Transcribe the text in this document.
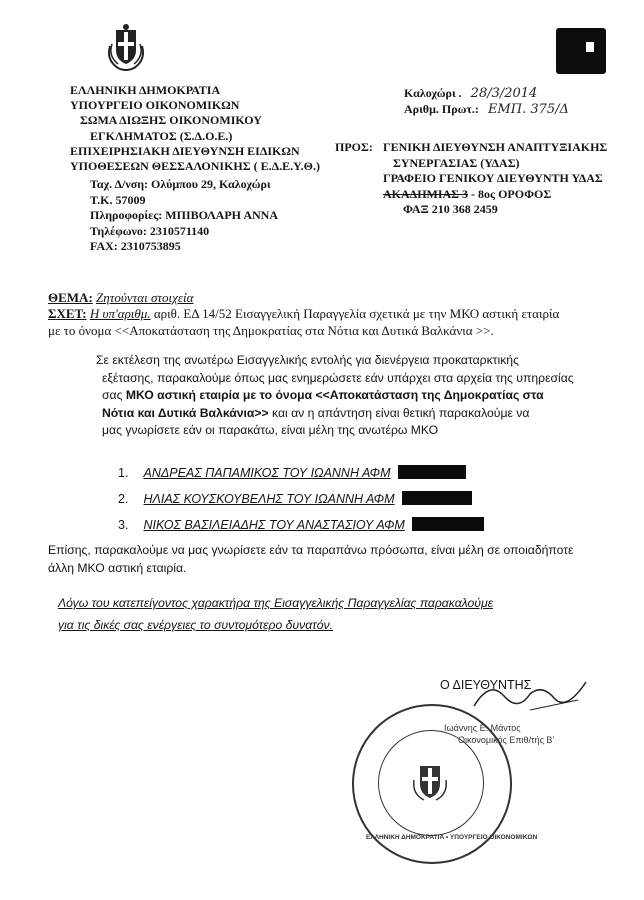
ΕΛΛΗΝΙΚΗ ΔΗΜΟΚΡΑΤΙΑ
ΥΠΟΥΡΓΕΙΟ ΟΙΚΟΝΟΜΙΚΩΝ
ΣΩΜΑ ΔΙΩΞΗΣ ΟΙΚΟΝΟΜΙΚΟΥ
ΕΓΚΛΗΜΑΤΟΣ (Σ.Δ.Ο.Ε.)
ΕΠΙΧΕΙΡΗΣΙΑΚΗ ΔΙΕΥΘΥΝΣΗ ΕΙΔΙΚΩΝ
ΥΠΟΘΕΣΕΩΝ ΘΕΣΣΑΛΟΝΙΚΗΣ ( Ε.Δ.Ε.Υ.Θ.)
Ταχ. Δ/νση: Ολύμπου 29, Καλοχώρι
Τ.Κ. 57009
Πληροφορίες: ΜΠΙΒΟΛΑΡΗ ΑΝΝΑ
Τηλέφωνο: 2310571140
FAX: 2310753895
Καλοχώρι . 28/3/2014
Αριθμ. Πρωτ.: ΕΜΠ. 375/Δ
ΠΡΟΣ: ΓΕΝΙΚΗ ΔΙΕΥΘΥΝΣΗ ΑΝΑΠΤΥΞΙΑΚΗΣ
ΣΥΝΕΡΓΑΣΙΑΣ (ΥΔΑΣ)
ΓΡΑΦΕΙΟ ΓΕΝΙΚΟΥ ΔΙΕΥΘΥΝΤΗ ΥΔΑΣ
ΑΚΑΔΗΜΙΑΣ 3 - 8ος ΟΡΟΦΟΣ
ΦΑΞ 210 368 2459
ΘΕΜΑ: Ζητούνται στοιχεία
ΣΧΕΤ: Η υπ'αριθμ. αριθ. ΕΔ 14/52 Εισαγγελική Παραγγελία σχετικά με την ΜΚΟ αστική εταιρία
με το όνομα <<Αποκατάσταση της Δημοκρατίας στα Νότια και Δυτικά Βαλκάνια >>.
Σε εκτέλεση της ανωτέρω Εισαγγελικής εντολής για διενέργεια προκαταρκτικής
εξέτασης, παρακαλούμε όπως μας ενημερώσετε εάν υπάρχει στα αρχεία της υπηρεσίας
σας ΜΚΟ αστική εταιρία με το όνομα <<Αποκατάσταση της Δημοκρατίας στα
Νότια και Δυτικά Βαλκάνια>> και αν η απάντηση είναι θετική παρακαλούμε να
μας γνωρίσετε εάν οι παρακάτω, είναι μέλη της ανωτέρω ΜΚΟ
1. ΑΝΔΡΕΑΣ ΠΑΠΑΜΙΚΟΣ ΤΟΥ ΙΩΑΝΝΗ ΑΦΜ
2. ΗΛΙΑΣ ΚΟΥΣΚΟΥΒΕΛΗΣ ΤΟΥ ΙΩΑΝΝΗ ΑΦΜ
3. ΝΙΚΟΣ ΒΑΣΙΛΕΙΑΔΗΣ ΤΟΥ ΑΝΑΣΤΑΣΙΟΥ ΑΦΜ
Επίσης, παρακαλούμε να μας γνωρίσετε εάν τα παραπάνω πρόσωπα, είναι μέλη σε οποιαδήποτε
άλλη ΜΚΟ αστική εταιρία.
Λόγω του κατεπείγοντος χαρακτήρα της Εισαγγελικής Παραγγελίας παρακαλούμε
για τις δικές σας ενέργειες το συντομότερο δυνατόν.
Ο ΔΙΕΥΘΥΝΤΗΣ
ΕΛΛΗΝΙΚΗ ΔΗΜΟΚΡΑΤΙΑ • ΥΠΟΥΡΓΕΙΟ ΟΙΚΟΝΟΜΙΚΩΝ
Ιωάννης Ε. Μάντος
Οικονομικός Επιθ/τής Β'
